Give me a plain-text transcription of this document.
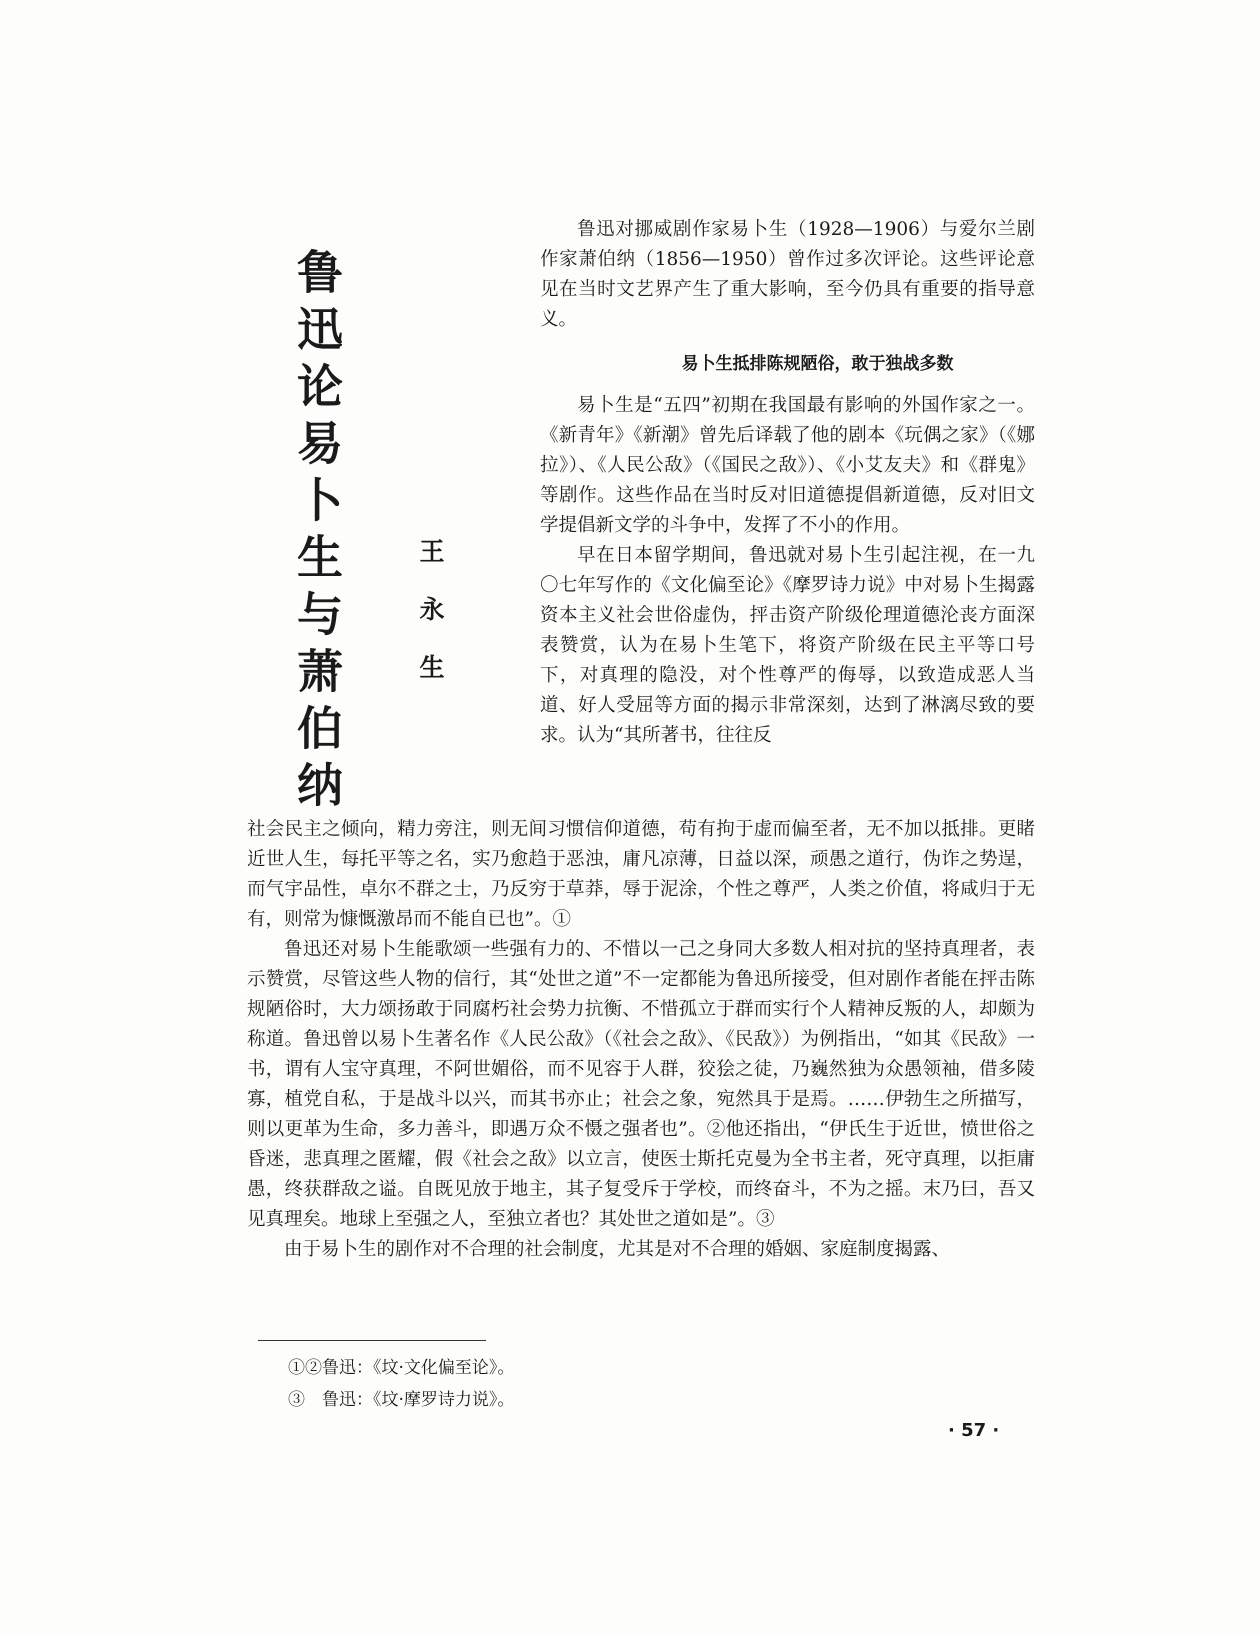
鲁迅论易卜生与萧伯纳	王永生

鲁迅对挪威剧作家易卜生（1928—1906）与爱尔兰剧作家萧伯纳（1856—1950）曾作过多次评论。这些评论意见在当时文艺界产生了重大影响，至今仍具有重要的指导意义。

易卜生抵排陈规陋俗，敢于独战多数

易卜生是“五四”初期在我国最有影响的外国作家之一。《新青年》《新潮》曾先后译载了他的剧本《玩偶之家》（《娜拉》）、《人民公敌》（《国民之敌》）、《小艾友夫》和《群鬼》等剧作。这些作品在当时反对旧道德提倡新道德，反对旧文学提倡新文学的斗争中，发挥了不小的作用。

早在日本留学期间，鲁迅就对易卜生引起注视，在一九〇七年写作的《文化偏至论》《摩罗诗力说》中对易卜生揭露资本主义社会世俗虚伪，抨击资产阶级伦理道德沦丧方面深表赞赏，认为在易卜生笔下，将资产阶级在民主平等口号下，对真理的隐没，对个性尊严的侮辱，以致造成恶人当道、好人受屈等方面的揭示非常深刻，达到了淋漓尽致的要求。认为“其所著书，往往反

社会民主之倾向，精力旁注，则无间习惯信仰道德，苟有拘于虚而偏至者，无不加以抵排。更睹近世人生，每托平等之名，实乃愈趋于恶浊，庸凡凉薄，日益以深，顽愚之道行，伪诈之势逞，而气宇品性，卓尔不群之士，乃反穷于草莽，辱于泥涂，个性之尊严，人类之价值，将咸归于无有，则常为慷慨激昂而不能自已也”。①

鲁迅还对易卜生能歌颂一些强有力的、不惜以一己之身同大多数人相对抗的坚持真理者，表示赞赏，尽管这些人物的信行，其“处世之道”不一定都能为鲁迅所接受，但对剧作者能在抨击陈规陋俗时，大力颂扬敢于同腐朽社会势力抗衡、不惜孤立于群而实行个人精神反叛的人，却颇为称道。鲁迅曾以易卜生著名作《人民公敌》（《社会之敌》、《民敌》）为例指出，“如其《民敌》一书，谓有人宝守真理，不阿世媚俗，而不见容于人群，狡狯之徒，乃巍然独为众愚领袖，借多陵寡，植党自私，于是战斗以兴，而其书亦止；社会之象，宛然具于是焉。……伊勃生之所描写，则以更革为生命，多力善斗，即遇万众不慑之强者也”。②他还指出，“伊氏生于近世，愤世俗之昏迷，悲真理之匿耀，假《社会之敌》以立言，使医士斯托克曼为全书主者，死守真理，以拒庸愚，终获群敌之谥。自既见放于地主，其子复受斥于学校，而终奋斗，不为之摇。末乃曰，吾又见真理矣。地球上至强之人，至独立者也？其处世之道如是”。③

由于易卜生的剧作对不合理的社会制度，尤其是对不合理的婚姻、家庭制度揭露、

①②鲁迅：《坟·文化偏至论》。
③　鲁迅：《坟·摩罗诗力说》。
· 57 ·
